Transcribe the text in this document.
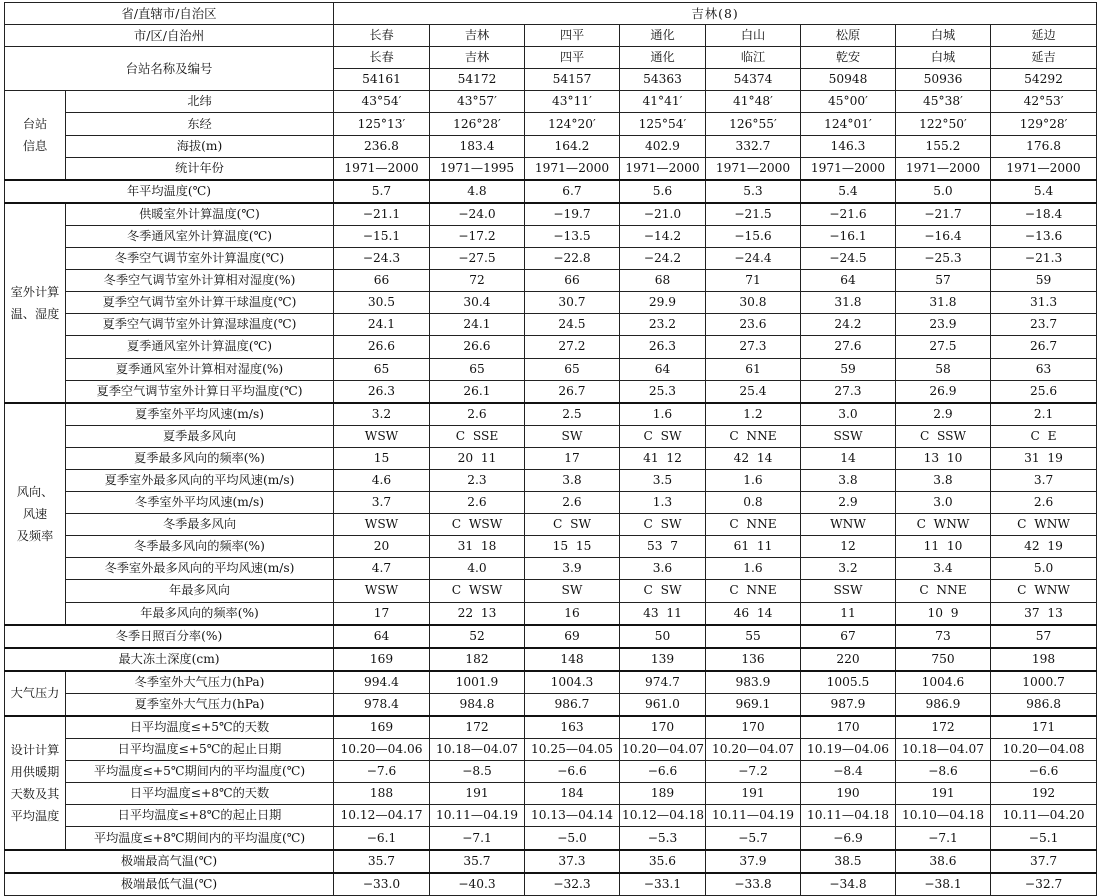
省/直辖市/自治区		吉林(8)							
市/区/自治州		长春	吉林	四平	通化	白山	松原	白城	延边
台站名称及编号		长春	吉林	四平	通化	临江	乾安	白城	延吉
		54161	54172	54157	54363	54374	50948	50936	54292
台站
信息	北纬	43°54′	43°57′	43°11′	41°41′	41°48′	45°00′	45°38′	42°53′
	东经	125°13′	126°28′	124°20′	125°54′	126°55′	124°01′	122°50′	129°28′
	海拔(m)	236.8	183.4	164.2	402.9	332.7	146.3	155.2	176.8
	统计年份	1971—2000	1971—1995	1971—2000	1971—2000	1971—2000	1971—2000	1971—2000	1971—2000
年平均温度(℃)		5.7	4.8	6.7	5.6	5.3	5.4	5.0	5.4
室外计算
温、湿度	供暖室外计算温度(℃)	−21.1	−24.0	−19.7	−21.0	−21.5	−21.6	−21.7	−18.4
	冬季通风室外计算温度(℃)	−15.1	−17.2	−13.5	−14.2	−15.6	−16.1	−16.4	−13.6
	冬季空气调节室外计算温度(℃)	−24.3	−27.5	−22.8	−24.2	−24.4	−24.5	−25.3	−21.3
	冬季空气调节室外计算相对湿度(%)	66	72	66	68	71	64	57	59
	夏季空气调节室外计算干球温度(℃)	30.5	30.4	30.7	29.9	30.8	31.8	31.8	31.3
	夏季空气调节室外计算湿球温度(℃)	24.1	24.1	24.5	23.2	23.6	24.2	23.9	23.7
	夏季通风室外计算温度(℃)	26.6	26.6	27.2	26.3	27.3	27.6	27.5	26.7
	夏季通风室外计算相对湿度(%)	65	65	65	64	61	59	58	63
	夏季空气调节室外计算日平均温度(℃)	26.3	26.1	26.7	25.3	25.4	27.3	26.9	25.6
风向、
风速
及频率	夏季室外平均风速(m/s)	3.2	2.6	2.5	1.6	1.2	3.0	2.9	2.1
	夏季最多风向	WSW	C  SSE	SW	C  SW	C  NNE	SSW	C  SSW	C  E
	夏季最多风向的频率(%)	15	20  11	17	41  12	42  14	14	13  10	31  19
	夏季室外最多风向的平均风速(m/s)	4.6	2.3	3.8	3.5	1.6	3.8	3.8	3.7
	冬季室外平均风速(m/s)	3.7	2.6	2.6	1.3	0.8	2.9	3.0	2.6
	冬季最多风向	WSW	C  WSW	C  SW	C  SW	C  NNE	WNW	C  WNW	C  WNW
	冬季最多风向的频率(%)	20	31  18	15  15	53  7	61  11	12	11  10	42  19
	冬季室外最多风向的平均风速(m/s)	4.7	4.0	3.9	3.6	1.6	3.2	3.4	5.0
	年最多风向	WSW	C  WSW	SW	C  SW	C  NNE	SSW	C  NNE	C  WNW
	年最多风向的频率(%)	17	22  13	16	43  11	46  14	11	10  9	37  13
冬季日照百分率(%)		64	52	69	50	55	67	73	57
最大冻土深度(cm)		169	182	148	139	136	220	750	198
大气压力	冬季室外大气压力(hPa)	994.4	1001.9	1004.3	974.7	983.9	1005.5	1004.6	1000.7
	夏季室外大气压力(hPa)	978.4	984.8	986.7	961.0	969.1	987.9	986.9	986.8
设计计算
用供暖期
天数及其
平均温度	日平均温度≤+5℃的天数	169	172	163	170	170	170	172	171
	日平均温度≤+5℃的起止日期	10.20—04.06	10.18—04.07	10.25—04.05	10.20—04.07	10.20—04.07	10.19—04.06	10.18—04.07	10.20—04.08
	平均温度≤+5℃期间内的平均温度(℃)	−7.6	−8.5	−6.6	−6.6	−7.2	−8.4	−8.6	−6.6
	日平均温度≤+8℃的天数	188	191	184	189	191	190	191	192
	日平均温度≤+8℃的起止日期	10.12—04.17	10.11—04.19	10.13—04.14	10.12—04.18	10.11—04.19	10.11—04.18	10.10—04.18	10.11—04.20
	平均温度≤+8℃期间内的平均温度(℃)	−6.1	−7.1	−5.0	−5.3	−5.7	−6.9	−7.1	−5.1
极端最高气温(℃)		35.7	35.7	37.3	35.6	37.9	38.5	38.6	37.7
极端最低气温(℃)		−33.0	−40.3	−32.3	−33.1	−33.8	−34.8	−38.1	−32.7
